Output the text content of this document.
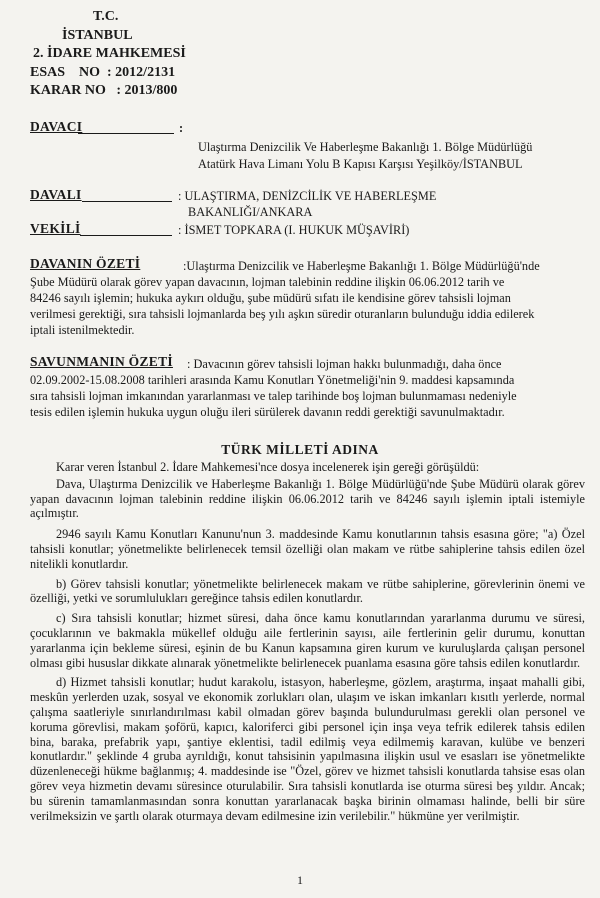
T.C.
İSTANBUL
2. İDARE MAHKEMESİ
ESAS    NO  : 2012/2131
KARAR NO   : 2013/800
DAVACI	:
Ulaştırma Denizcilik Ve Haberleşme Bakanlığı 1. Bölge Müdürlüğü
Atatürk Hava Limanı Yolu B Kapısı Karşısı Yeşilköy/İSTANBUL
DAVALI	: ULAŞTIRMA, DENİZCİLİK VE HABERLEŞME
BAKANLIĞI/ANKARA
VEKİLİ	: İSMET TOPKARA (I. HUKUK MÜŞAVİRİ)
DAVANIN ÖZETİ	:Ulaştırma Denizcilik ve Haberleşme Bakanlığı 1. Bölge Müdürlüğü'nde
Şube Müdürü olarak görev yapan davacının, lojman talebinin reddine ilişkin 06.06.2012 tarih ve
84246 sayılı işlemin; hukuka aykırı olduğu, şube müdürü sıfatı ile kendisine görev tahsisli lojman
verilmesi gerektiği, sıra tahsisli lojmanlarda beş yılı aşkın süredir oturanların bulunduğu iddia edilerek
iptali istenilmektedir.
SAVUNMANIN ÖZETİ : Davacının görev tahsisli lojman hakkı bulunmadığı, daha önce
02.09.2002-15.08.2008 tarihleri arasında Kamu Konutları Yönetmeliği'nin 9. maddesi kapsamında
sıra tahsisli lojman imkanından yararlanması ve talep tarihinde boş lojman bulunmaması nedeniyle
tesis edilen işlemin hukuka uygun oluğu ileri sürülerek davanın reddi gerektiği savunulmaktadır.
TÜRK MİLLETİ ADINA

Karar veren İstanbul 2. İdare Mahkemesi'nce dosya incelenerek işin gereği görüşüldü:

Dava, Ulaştırma Denizcilik ve Haberleşme Bakanlığı 1. Bölge Müdürlüğü'nde Şube Müdürü olarak görev yapan davacının lojman talebinin reddine ilişkin 06.06.2012 tarih ve 84246 sayılı işlemin iptali istemiyle açılmıştır.

2946 sayılı Kamu Konutları Kanunu'nun 3. maddesinde Kamu konutlarının tahsis esasına göre; "a) Özel tahsisli konutlar; yönetmelikte belirlenecek temsil özelliği olan makam ve rütbe sahiplerine tahsis edilen özel nitelikli konutlardır.

b) Görev tahsisli konutlar; yönetmelikte belirlenecek makam ve rütbe sahiplerine, görevlerinin önemi ve özelliği, yetki ve sorumlulukları gereğince tahsis edilen konutlardır.

c) Sıra tahsisli konutlar; hizmet süresi, daha önce kamu konutlarından yararlanma durumu ve süresi, çocuklarının ve bakmakla mükellef olduğu aile fertlerinin sayısı, aile fertlerinin gelir durumu, konuttan yararlanma için bekleme süresi, eşinin de bu Kanun kapsamına giren kurum ve kuruluşlarda çalışan personel olması gibi hususlar dikkate alınarak yönetmelikte belirlenecek puanlama esasına göre tahsis edilen konutlardır.

d) Hizmet tahsisli konutlar; hudut karakolu, istasyon, haberleşme, gözlem, araştırma, inşaat mahalli gibi, meskûn yerlerden uzak, sosyal ve ekonomik zorlukları olan, ulaşım ve iskan imkanları kısıtlı yerlerde, normal çalışma saatleriyle sınırlandırılması kabil olmadan görev başında bulundurulması gerekli olan personel ve koruma görevlisi, makam şoförü, kapıcı, kaloriferci gibi personel için inşa veya tefrik edilerek tahsis edilen bina, baraka, prefabrik yapı, şantiye eklentisi, tadil edilmiş veya edilmemiş karavan, kulübe ve benzeri konutlardır." şeklinde 4 gruba ayrıldığı, konut tahsisinin yapılmasına ilişkin usul ve esasları ise yönetmelikte düzenleneceği hükme bağlanmış; 4. maddesinde ise "Özel, görev ve hizmet tahsisli konutlarda tahsise esas olan görev veya hizmetin devamı süresince oturulabilir. Sıra tahsisli konutlarda ise oturma süresi beş yıldır. Ancak; bu sürenin tamamlanmasından sonra konuttan yararlanacak başka birinin olmaması halinde, belli bir süre verilmeksizin ve şartlı olarak oturmaya devam edilmesine izin verilebilir." hükmüne yer verilmiştir.

1
